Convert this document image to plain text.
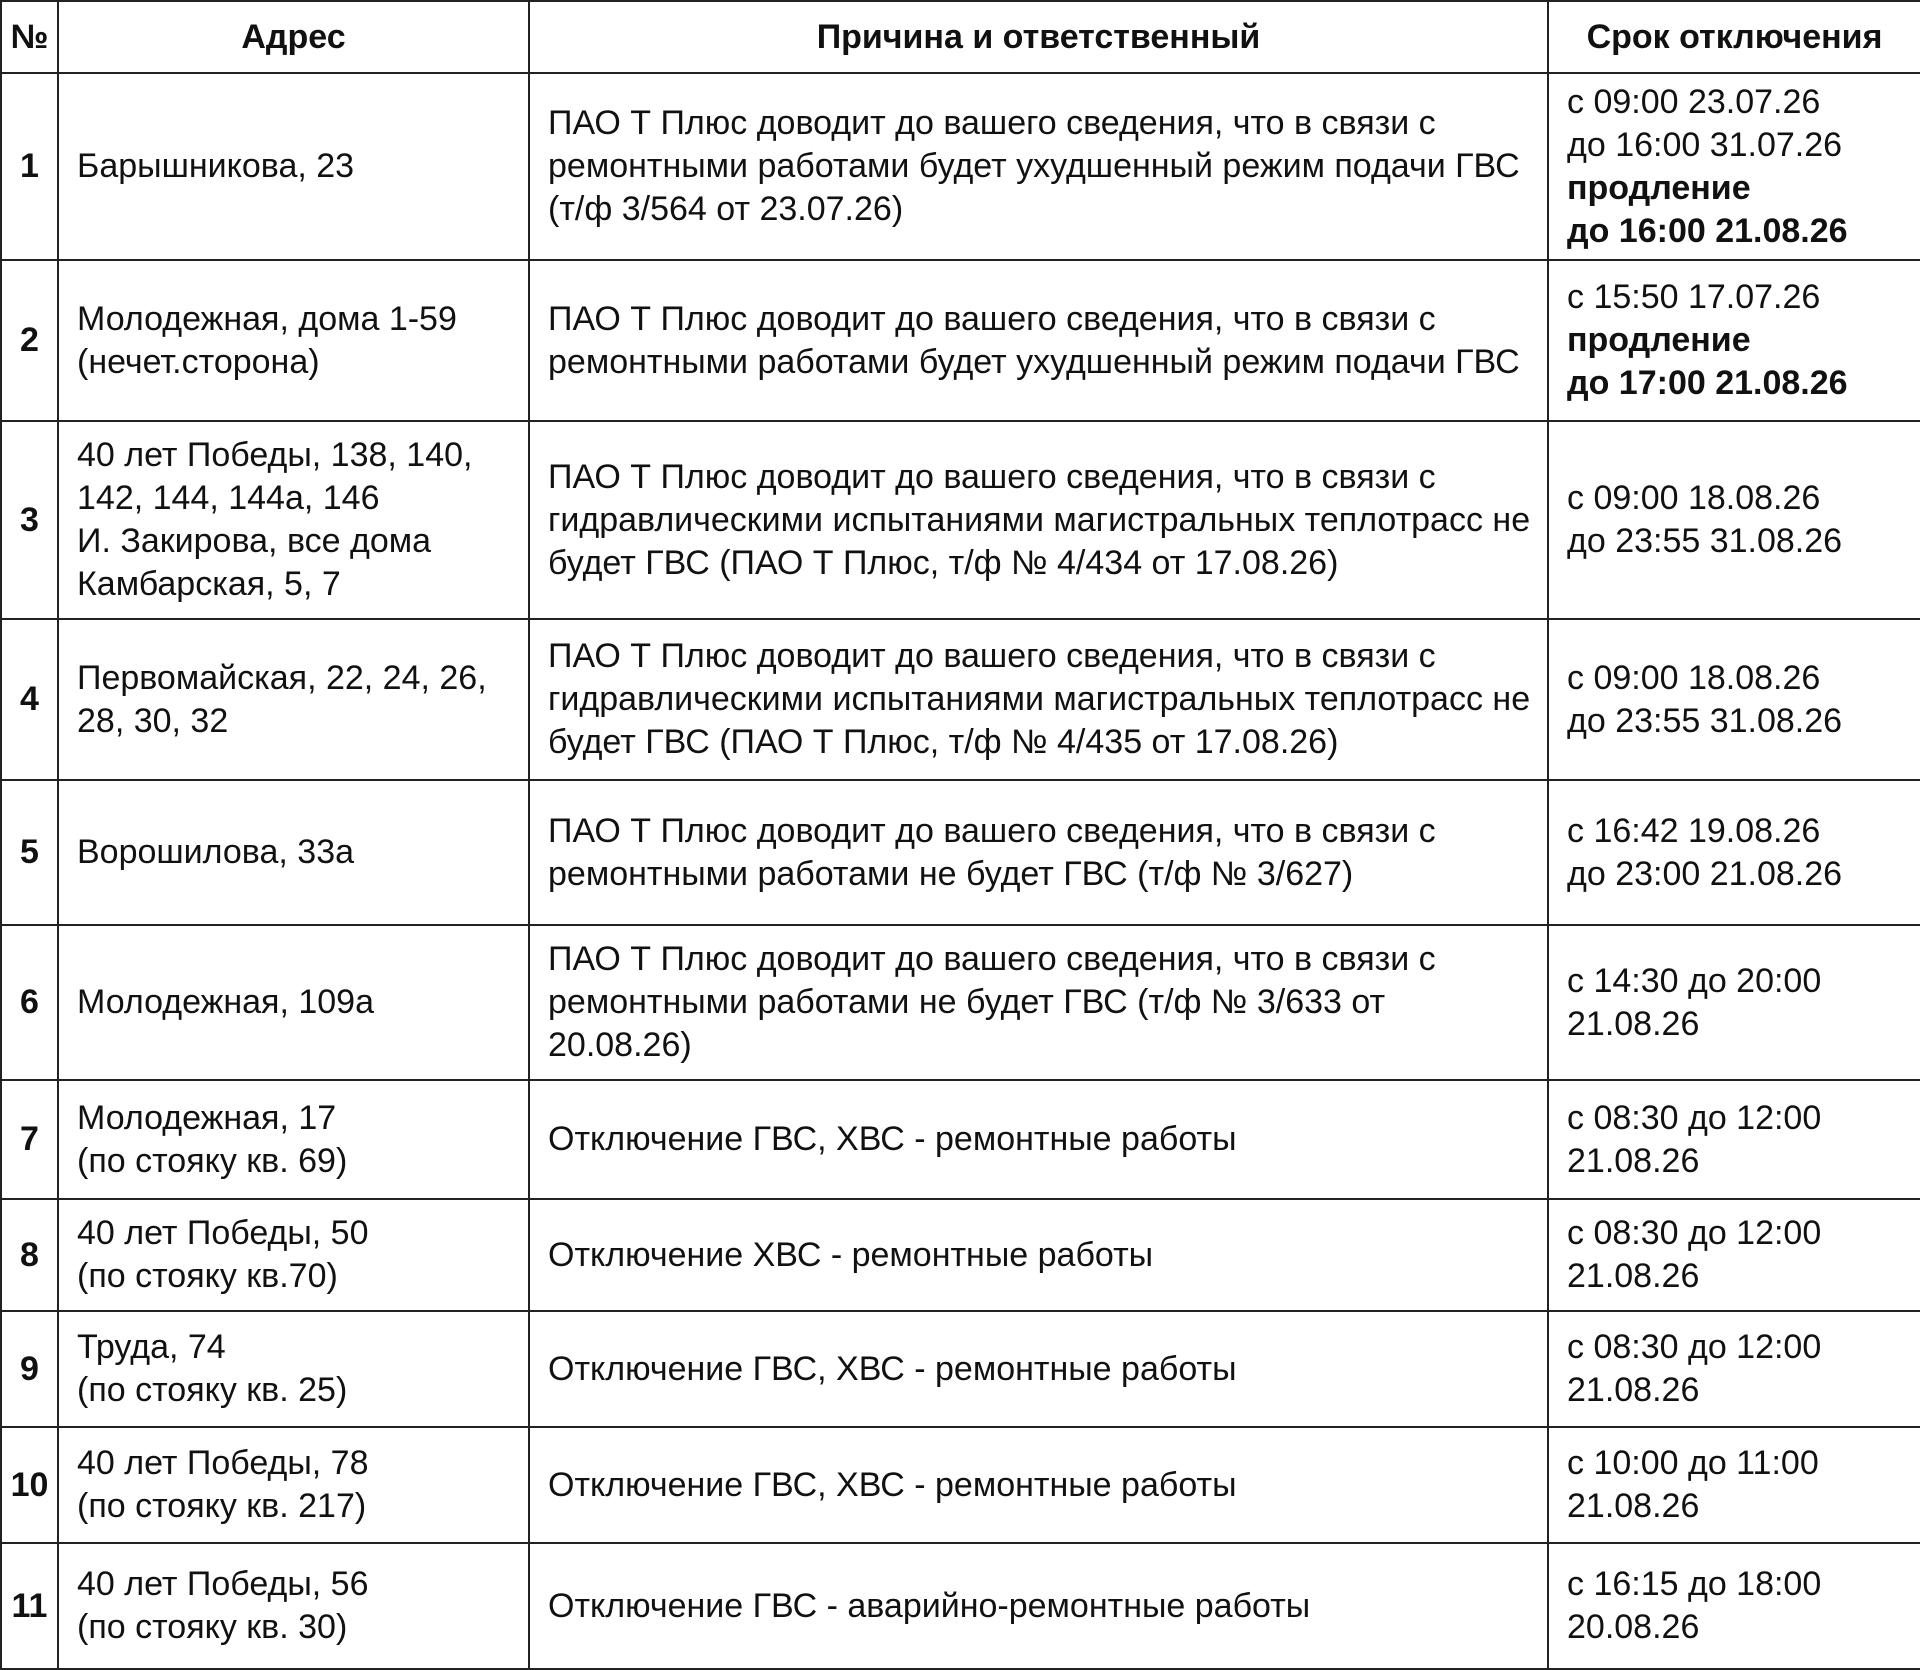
№	Адрес	Причина и ответственный	Срок отключения
1	Барышникова, 23	ПАО Т Плюс доводит до вашего сведения, что в связи с
ремонтными работами будет ухудшенный режим подачи ГВС
(т/ф 3/564 от 23.07.26)	с 09:00 23.07.26
до 16:00 31.07.26
продление
до 16:00 21.08.26

2	Молодежная, дома 1-59
(нечет.сторона)	ПАО Т Плюс доводит до вашего сведения, что в связи с
ремонтными работами будет ухудшенный режим подачи ГВС	с 15:50 17.07.26
продление
до 17:00 21.08.26

3	40 лет Победы, 138, 140,
142, 144, 144а, 146
И. Закирова, все дома
Камбарская, 5, 7	ПАО Т Плюс доводит до вашего сведения, что в связи с
гидравлическими испытаниями магистральных теплотрасс не
будет ГВС (ПАО Т Плюс, т/ф № 4/434 от 17.08.26)	с 09:00 18.08.26
до 23:55 31.08.26

4	Первомайская, 22, 24, 26,
28, 30, 32	ПАО Т Плюс доводит до вашего сведения, что в связи с
гидравлическими испытаниями магистральных теплотрасс не
будет ГВС (ПАО Т Плюс, т/ф № 4/435 от 17.08.26)	с 09:00 18.08.26
до 23:55 31.08.26

5	Ворошилова, 33а	ПАО Т Плюс доводит до вашего сведения, что в связи с
ремонтными работами не будет ГВС (т/ф № 3/627)	с 16:42 19.08.26
до 23:00 21.08.26

6	Молодежная, 109а	ПАО Т Плюс доводит до вашего сведения, что в связи с
ремонтными работами не будет ГВС (т/ф № 3/633 от
20.08.26)	с 14:30 до 20:00
21.08.26

7	Молодежная, 17
(по стояку кв. 69)	Отключение ГВС, ХВС - ремонтные работы	с 08:30 до 12:00
21.08.26

8	40 лет Победы, 50
(по стояку кв.70)	Отключение ХВС - ремонтные работы	с 08:30 до 12:00
21.08.26

9	Труда, 74
(по стояку кв. 25)	Отключение ГВС, ХВС - ремонтные работы	с 08:30 до 12:00
21.08.26

10	40 лет Победы, 78
(по стояку кв. 217)	Отключение ГВС, ХВС - ремонтные работы	с 10:00 до 11:00
21.08.26

11	40 лет Победы, 56
(по стояку кв. 30)	Отключение ГВС - аварийно-ремонтные работы	с 16:15 до 18:00
20.08.26
